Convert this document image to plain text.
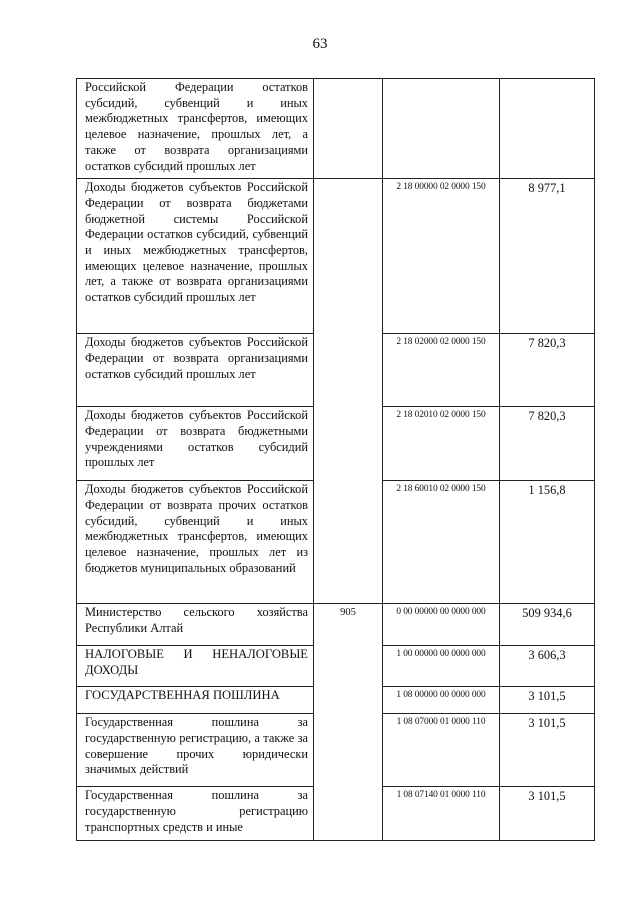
63
Российской Федерации остатков субсидий, субвенций и иных межбюджетных трансфертов, имеющих целевое назначение, прошлых лет, а также от возврата организациями остатков субсидий прошлых лет			

Доходы бюджетов субъектов Российской Федерации от возврата бюджетами бюджетной системы Российской Федерации остатков субсидий, субвенций и иных межбюджетных трансфертов, имеющих целевое назначение, прошлых лет, а также от возврата организациями остатков субсидий прошлых лет		2 18 00000 02 0000 150	8 977,1

Доходы бюджетов субъектов Российской Федерации от возврата организациями остатков субсидий прошлых лет		2 18 02000 02 0000 150	7 820,3

Доходы бюджетов субъектов Российской Федерации от возврата бюджетными учреждениями остатков субсидий прошлых лет		2 18 02010 02 0000 150	7 820,3

Доходы бюджетов субъектов Российской Федерации от возврата прочих остатков субсидий, субвенций и иных межбюджетных трансфертов, имеющих целевое назначение, прошлых лет из бюджетов муниципальных образований		2 18 60010 02 0000 150	1 156,8

Министерство сельского хозяйства Республики Алтай	905	0 00 00000 00 0000 000	509 934,6

НАЛОГОВЫЕ И НЕНАЛОГОВЫЕ ДОХОДЫ		1 00 00000 00 0000 000	3 606,3

ГОСУДАРСТВЕННАЯ ПОШЛИНА		1 08 00000 00 0000 000	3 101,5

Государственная пошлина за государственную регистрацию, а также за совершение прочих юридически значимых действий		1 08 07000 01 0000 110	3 101,5

Государственная пошлина за государственную регистрацию транспортных средств и иные		1 08 07140 01 0000 110	3 101,5
